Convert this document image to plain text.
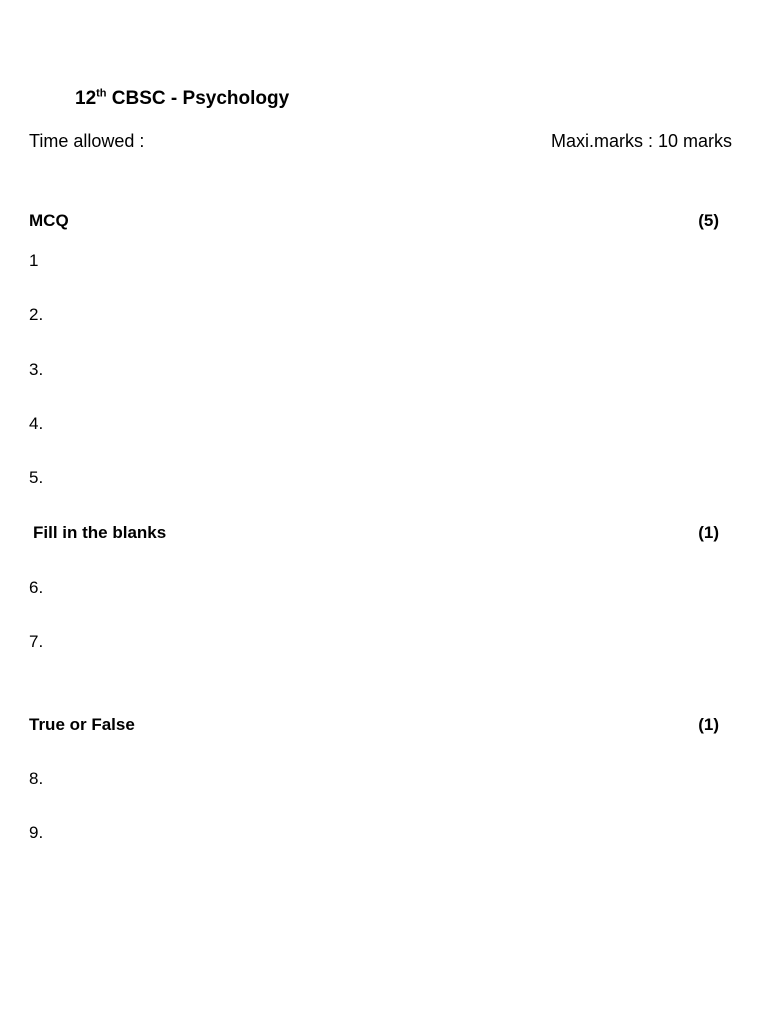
12th CBSC - Psychology
Time allowed :	Maxi.marks : 10 marks
MCQ	(5)
1
2.
3.
4.
5.
Fill in the blanks	(1)
6.
7.
True or False	(1)
8.
9.
